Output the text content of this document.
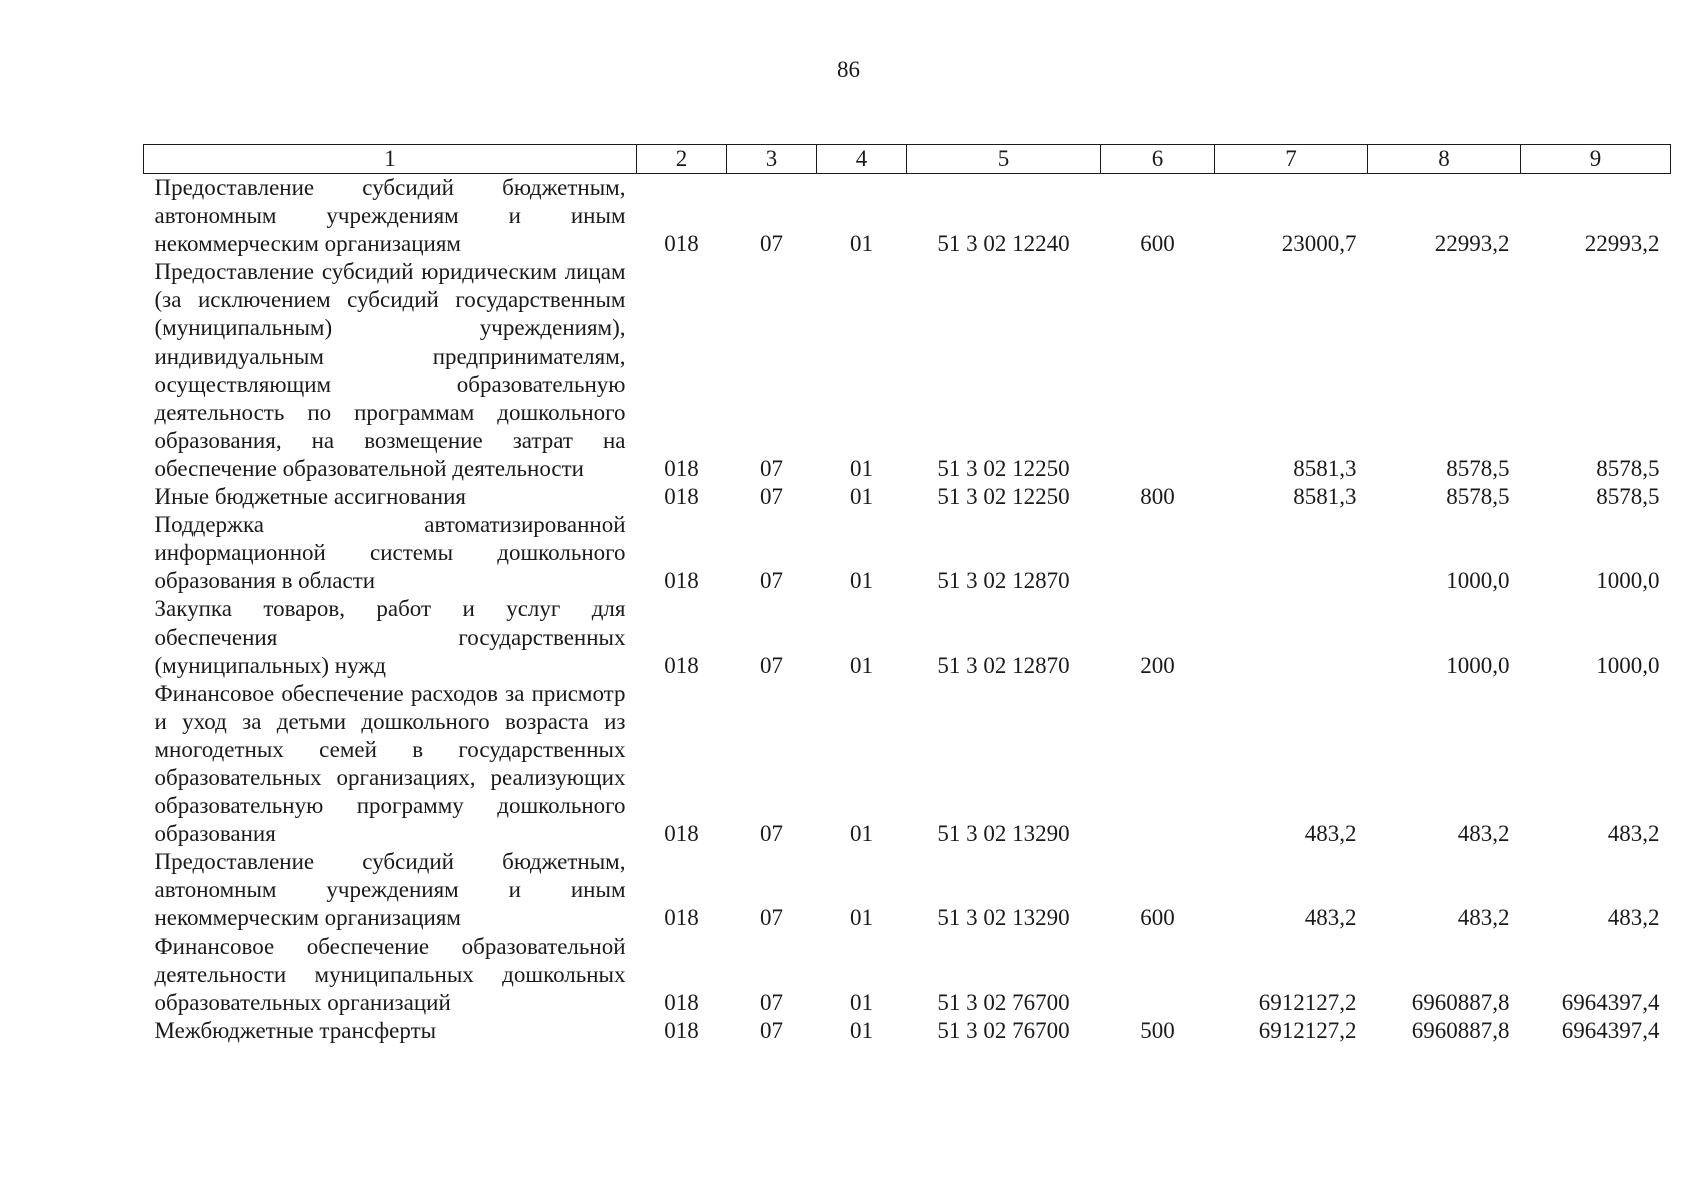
86
1	2	3	4	5	6	7	8	9
Предоставление субсидий бюджетным, автономным учреждениям и иным некоммерческим организациям	018	07	01	51 3 02 12240	600	23000,7	22993,2	22993,2
Предоставление субсидий юридическим лицам (за исключением субсидий государственным (муниципальным) учреждениям), индивидуальным предпринимателям, осуществляющим образовательную деятельность по программам дошкольного образования, на возмещение затрат на обеспечение образовательной деятельности	018	07	01	51 3 02 12250		8581,3	8578,5	8578,5
Иные бюджетные ассигнования	018	07	01	51 3 02 12250	800	8581,3	8578,5	8578,5
Поддержка автоматизированной информационной системы дошкольного образования в области	018	07	01	51 3 02 12870			1000,0	1000,0
Закупка товаров, работ и услуг для обеспечения государственных (муниципальных) нужд	018	07	01	51 3 02 12870	200		1000,0	1000,0
Финансовое обеспечение расходов за присмотр и уход за детьми дошкольного возраста из многодетных семей в государственных образовательных организациях, реализующих образовательную программу дошкольного образования	018	07	01	51 3 02 13290		483,2	483,2	483,2
Предоставление субсидий бюджетным, автономным учреждениям и иным некоммерческим организациям	018	07	01	51 3 02 13290	600	483,2	483,2	483,2
Финансовое обеспечение образовательной деятельности муниципальных дошкольных образовательных организаций	018	07	01	51 3 02 76700		6912127,2	6960887,8	6964397,4
Межбюджетные трансферты	018	07	01	51 3 02 76700	500	6912127,2	6960887,8	6964397,4
